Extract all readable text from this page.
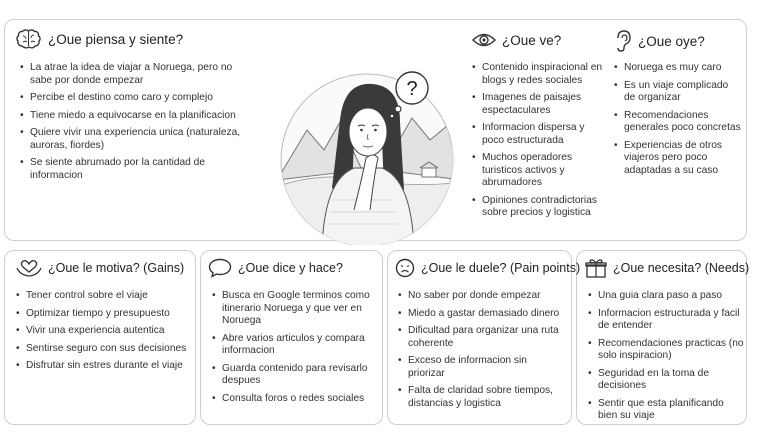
¿Oue piensa y siente?
• La atrae la idea de viajar a Noruega, pero no sabe por donde empezar
• Percibe el destino como caro y complejo
• Tiene miedo a equivocarse en la planificacion
• Quiere vivir una experiencia unica (naturaleza, auroras, fiordes)
• Se siente abrumado por la cantidad de informacion
?
¿Oue ve?
• Contenido inspiracional en blogs y redes sociales
• Imagenes de paisajes espectaculares
• Informacion dispersa y poco estructurada
• Muchos operadores turisticos activos y abrumadores
• Opiniones contradictorias sobre precios y logistica
¿Oue oye?
• Noruega es muy caro
• Es un viaje complicado de organizar
• Recomendaciones generales poco concretas
• Experiencias de otros viajeros pero poco adaptadas a su caso
¿Oue le motiva? (Gains)
• Tener control sobre el viaje
• Optimizar tiempo y presupuesto
• Vivir una experiencia autentica
• Sentirse seguro con sus decisiones
• Disfrutar sin estres durante el viaje
¿Oue dice y hace?
• Busca en Google terminos como itinerario Noruega y que ver en Noruega
• Abre varios articulos y compara informacion
• Guarda contenido para revisarlo despues
• Consulta foros o redes sociales
¿Oue le duele? (Pain points)
• No saber por donde empezar
• Miedo a gastar demasiado dinero
• Dificultad para organizar una ruta coherente
• Exceso de informacion sin priorizar
• Falta de claridad sobre tiempos, distancias y logistica
¿Oue necesita? (Needs)
• Una guia clara paso a paso
• Informacion estructurada y facil de entender
• Recomendaciones practicas (no solo inspiracion)
• Seguridad en la toma de decisiones
• Sentir que esta planificando bien su viaje
